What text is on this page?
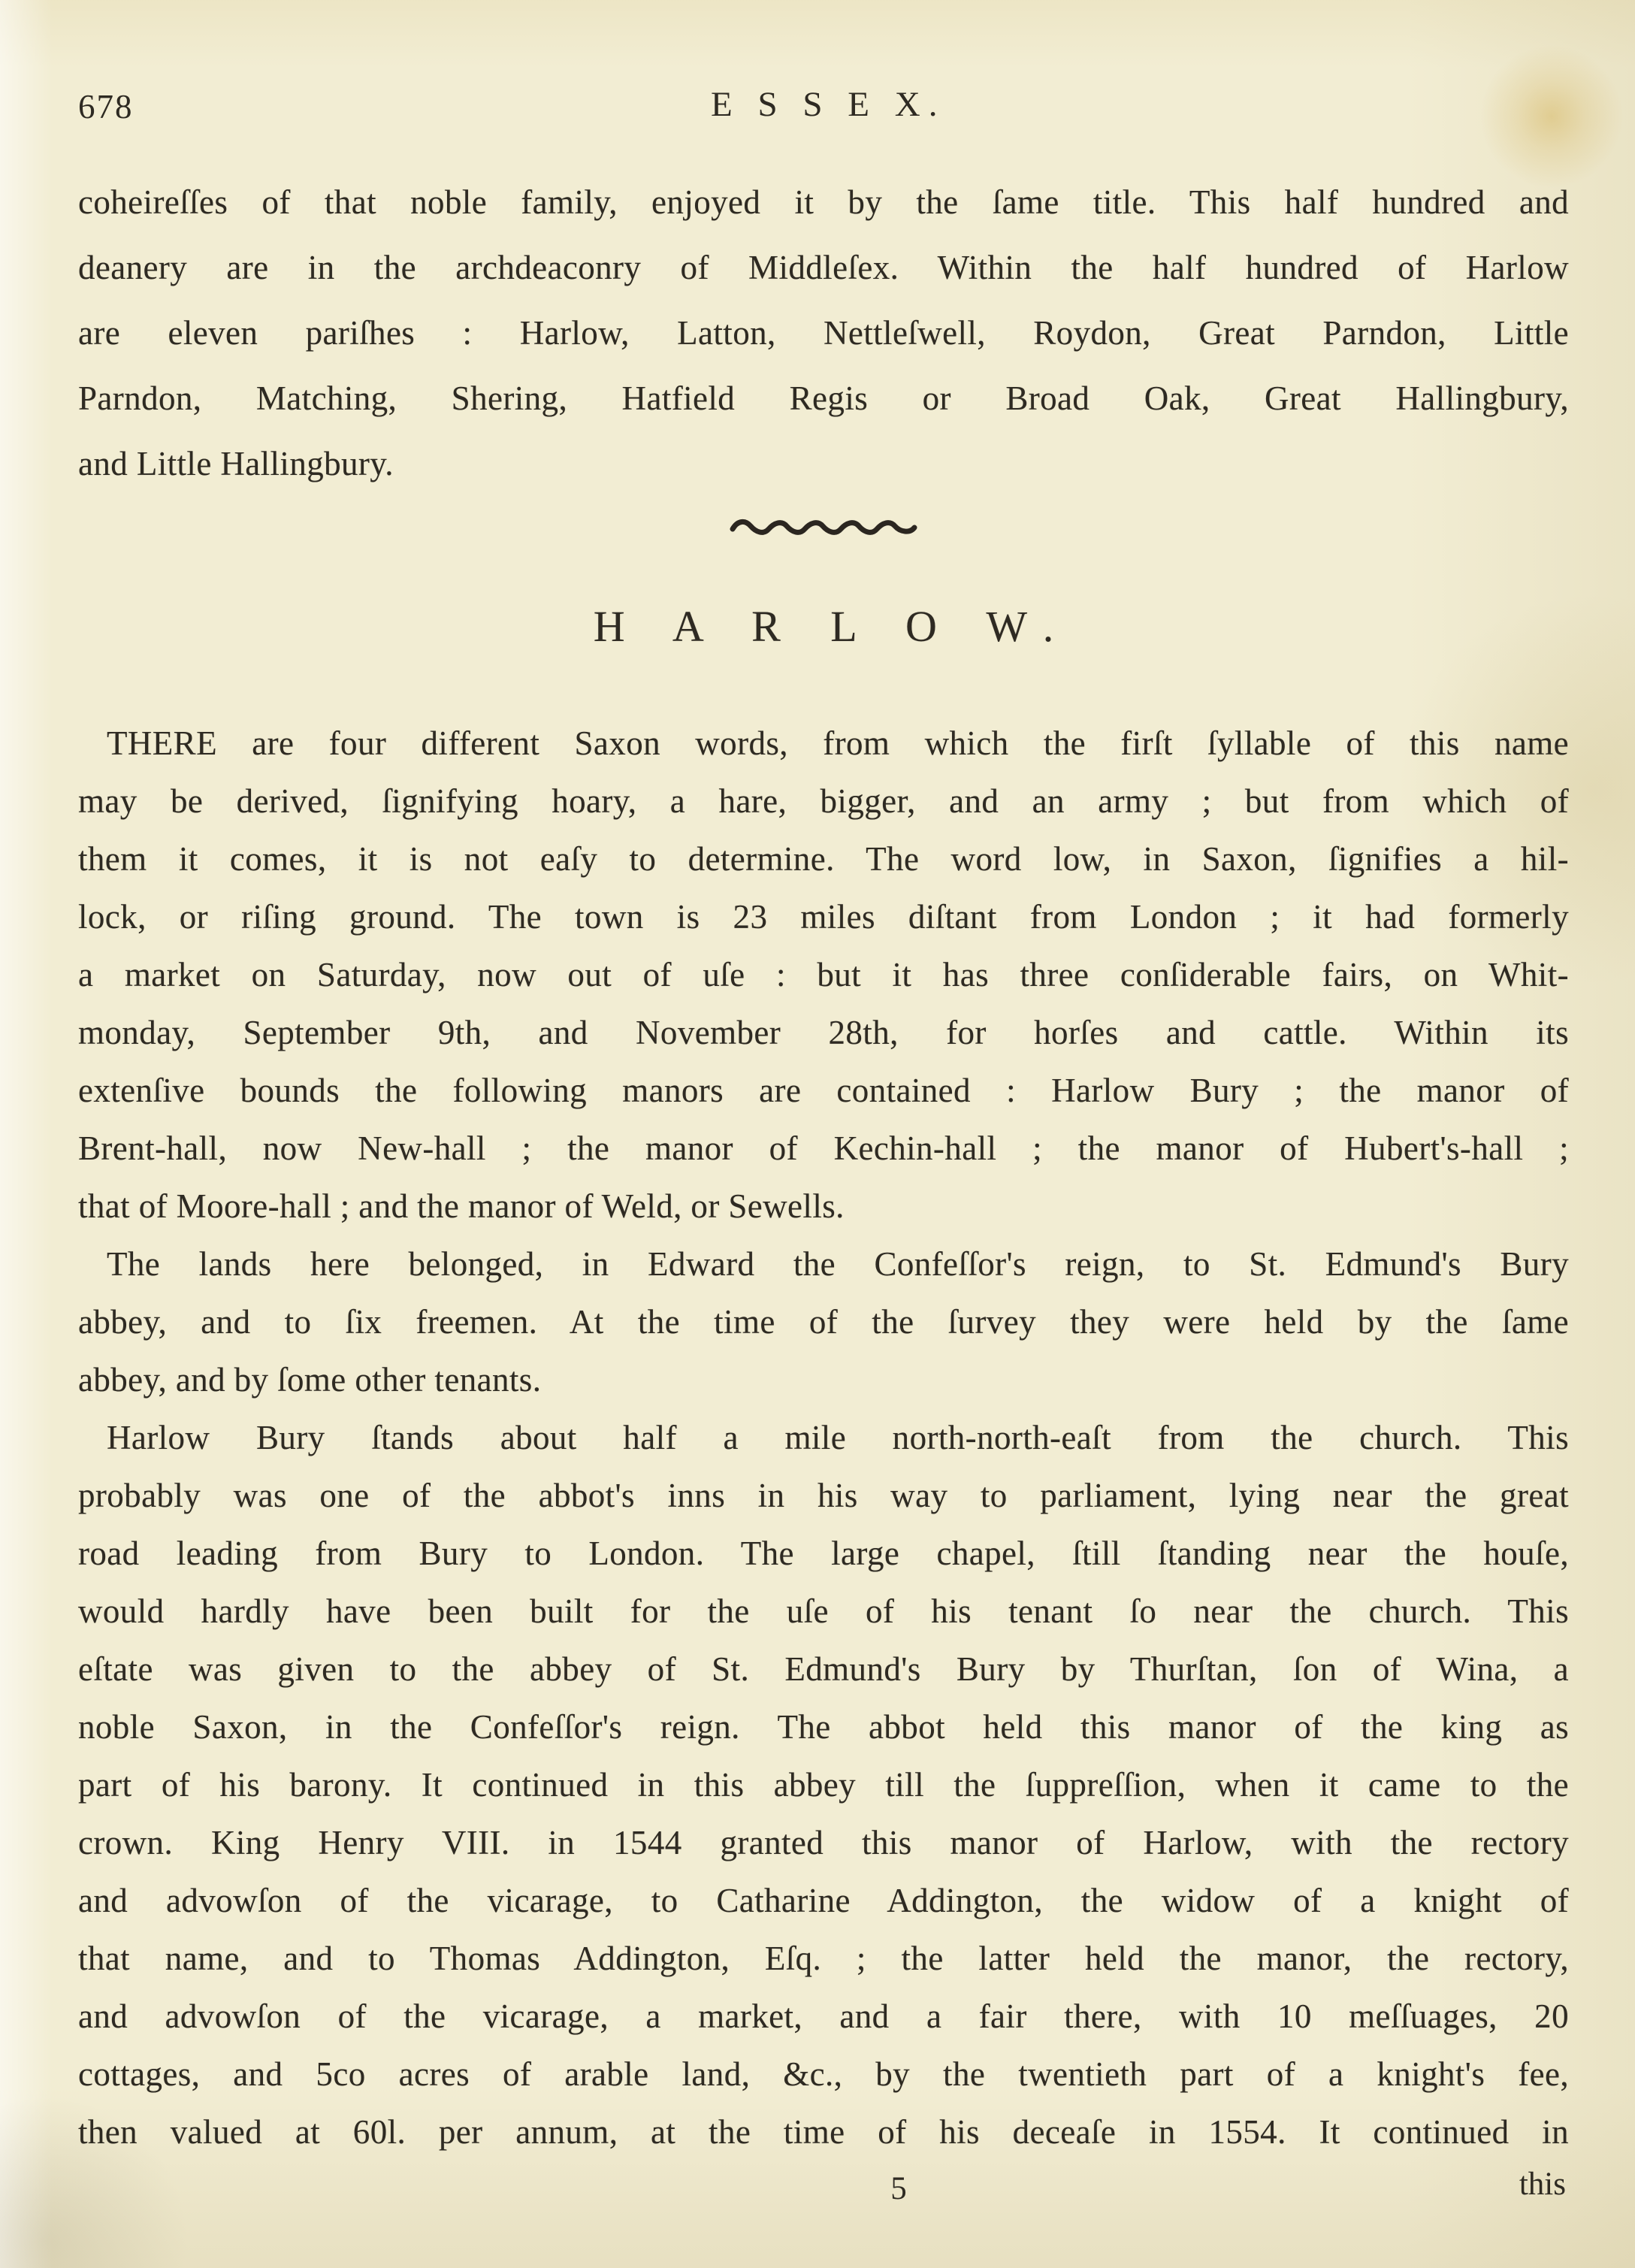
678	E S S E X.
coheireſſes of that noble family, enjoyed it by the ſame title. This half hundred and
deanery are in the archdeaconry of Middleſex. Within the half hundred of Harlow
are eleven pariſhes : Harlow, Latton, Nettleſwell, Roydon, Great Parndon, Little
Parndon, Matching, Shering, Hatfield Regis or Broad Oak, Great Hallingbury,
and Little Hallingbury.
H A R L O W.
THERE are four different Saxon words, from which the firſt ſyllable of this name
may be derived, ſignifying hoary, a hare, bigger, and an army ; but from which of
them it comes, it is not eaſy to determine. The word low, in Saxon, ſignifies a hil-
lock, or riſing ground. The town is 23 miles diſtant from London ; it had formerly
a market on Saturday, now out of uſe : but it has three conſiderable fairs, on Whit-
monday, September 9th, and November 28th, for horſes and cattle. Within its
extenſive bounds the following manors are contained : Harlow Bury ; the manor of
Brent-hall, now New-hall ; the manor of Kechin-hall ; the manor of Hubert's-hall ;
that of Moore-hall ; and the manor of Weld, or Sewells.
The lands here belonged, in Edward the Confeſſor's reign, to St. Edmund's Bury
abbey, and to ſix freemen. At the time of the ſurvey they were held by the ſame
abbey, and by ſome other tenants.
Harlow Bury ſtands about half a mile north-north-eaſt from the church. This
probably was one of the abbot's inns in his way to parliament, lying near the great
road leading from Bury to London. The large chapel, ſtill ſtanding near the houſe,
would hardly have been built for the uſe of his tenant ſo near the church. This
eſtate was given to the abbey of St. Edmund's Bury by Thurſtan, ſon of Wina, a
noble Saxon, in the Confeſſor's reign. The abbot held this manor of the king as
part of his barony. It continued in this abbey till the ſuppreſſion, when it came to the
crown. King Henry VIII. in 1544 granted this manor of Harlow, with the rectory
and advowſon of the vicarage, to Catharine Addington, the widow of a knight of
that name, and to Thomas Addington, Eſq. ; the latter held the manor, the rectory,
and advowſon of the vicarage, a market, and a fair there, with 10 meſſuages, 20
cottages, and 5co acres of arable land, &c., by the twentieth part of a knight's fee,
then valued at 60l. per annum, at the time of his deceaſe in 1554. It continued in
5	this
